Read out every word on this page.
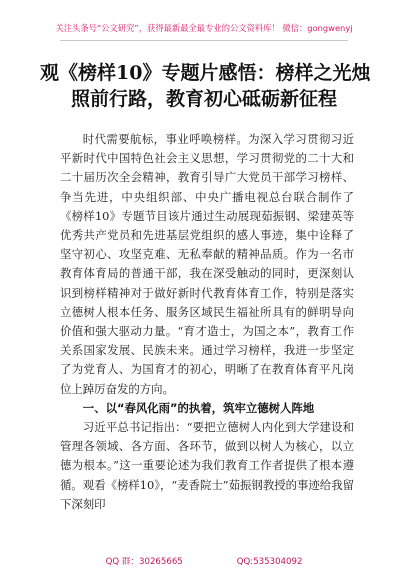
关注头条号“公文研究”，获得最新最全最专业的公文资料库！ 微信：gongwenyj
观《榜样10》专题片感悟：榜样之光烛
照前行路，教育初心砥砺新征程

时代需要航标，事业呼唤榜样。为深入学习贯彻习近平新时代中国特色社会主义思想，学习贯彻党的二十大和二十届历次全会精神，教育引导广大党员干部学习榜样、争当先进，中央组织部、中央广播电视总台联合制作了《榜样10》专题节目该片通过生动展现茹振钢、梁建英等优秀共产党员和先进基层党组织的感人事迹，集中诠释了坚守初心、攻坚克难、无私奉献的精神品质。作为一名市教育体育局的普通干部，我在深受触动的同时，更深刻认识到榜样精神对于做好新时代教育体育工作，特别是落实立德树人根本任务、服务区域民生福祉所具有的鲜明导向价值和强大驱动力量。“育才造士，为国之本”，教育工作关系国家发展、民族未来。通过学习榜样，我进一步坚定了为党育人、为国育才的初心，明晰了在教育体育平凡岗位上踔厉奋发的方向。

一、以“春风化雨”的执着，筑牢立德树人阵地

习近平总书记指出：“要把立德树人内化到大学建设和管理各领域、各方面、各环节，做到以树人为核心，以立德为根本。”这一重要论述为我们教育工作者提供了根本遵循。观看《榜样10》，“麦香院士”茹振钢教授的事迹给我留下深刻印

QQ 群：30265665	QQ:535304092
